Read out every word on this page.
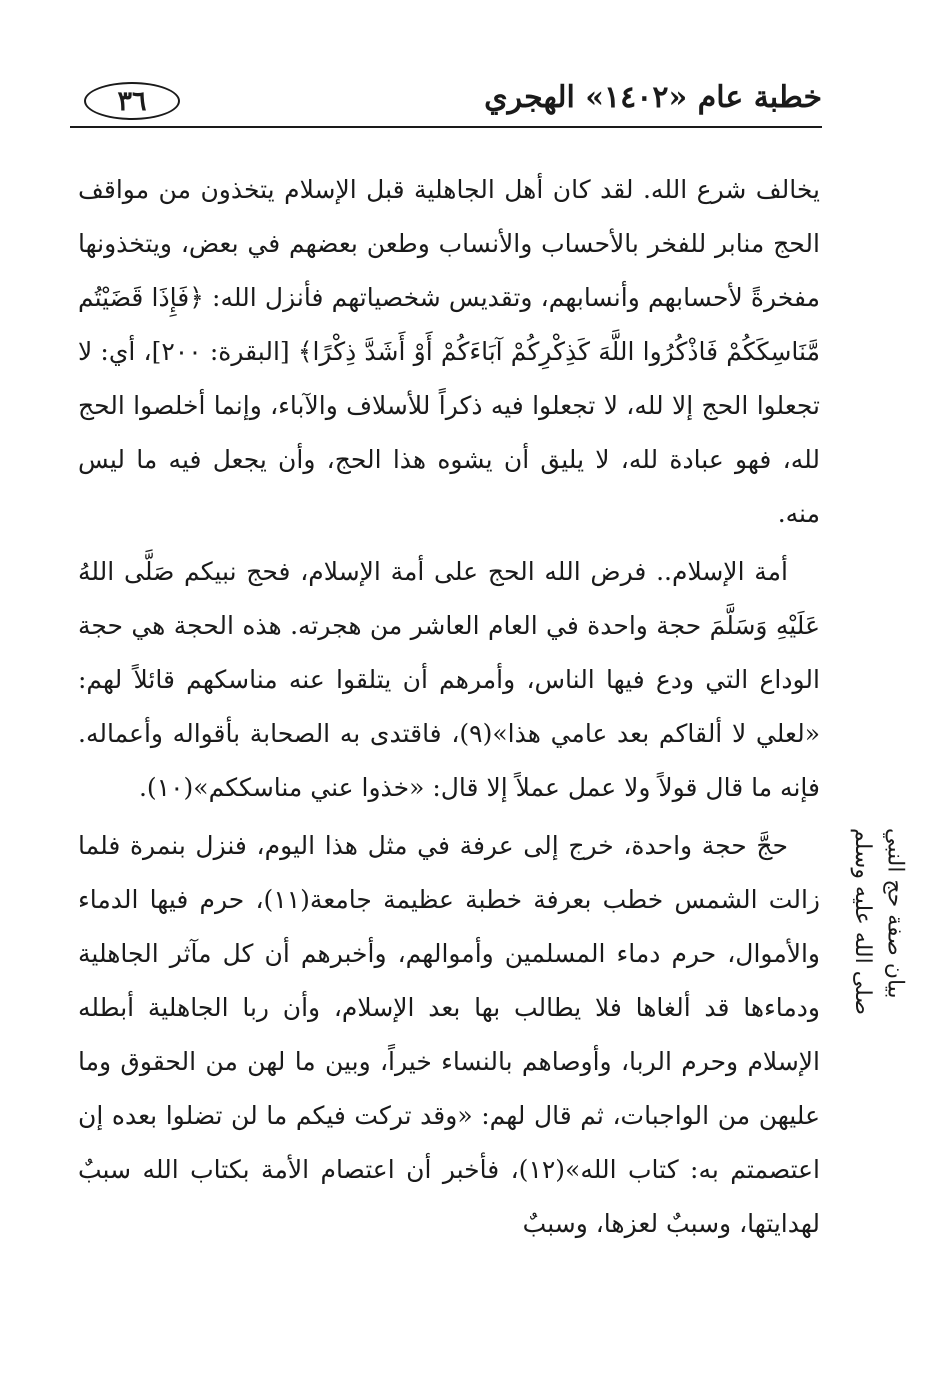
خطبة عام «١٤٠٢» الهجري
٣٦

يخالف شرع الله. لقد كان أهل الجاهلية قبل الإسلام يتخذون من مواقف الحج منابر للفخر بالأحساب والأنساب وطعن بعضهم في بعض، ويتخذونها مفخرةً لأحسابهم وأنسابهم، وتقديس شخصياتهم فأنزل الله: ﴿فَإِذَا قَضَيْتُم مَّنَاسِكَكُمْ فَاذْكُرُوا اللَّهَ كَذِكْرِكُمْ آبَاءَكُمْ أَوْ أَشَدَّ ذِكْرًا﴾ [البقرة: ٢٠٠]، أي: لا تجعلوا الحج إلا لله، لا تجعلوا فيه ذكراً للأسلاف والآباء، وإنما أخلصوا الحج لله، فهو عبادة لله، لا يليق أن يشوه هذا الحج، وأن يجعل فيه ما ليس منه.

أمة الإسلام.. فرض الله الحج على أمة الإسلام، فحج نبيكم صَلَّى اللهُ عَلَيْهِ وَسَلَّمَ حجة واحدة في العام العاشر من هجرته. هذه الحجة هي حجة الوداع التي ودع فيها الناس، وأمرهم أن يتلقوا عنه مناسكهم قائلاً لهم: «لعلي لا ألقاكم بعد عامي هذا»(٩)، فاقتدى به الصحابة بأقواله وأعماله. فإنه ما قال قولاً ولا عمل عملاً إلا قال: «خذوا عني مناسككم»(١٠).

حجَّ حجة واحدة، خرج إلى عرفة في مثل هذا اليوم، فنزل بنمرة فلما زالت الشمس خطب بعرفة خطبة عظيمة جامعة(١١)، حرم فيها الدماء والأموال، حرم دماء المسلمين وأموالهم، وأخبرهم أن كل مآثر الجاهلية ودماءها قد ألغاها فلا يطالب بها بعد الإسلام، وأن ربا الجاهلية أبطله الإسلام وحرم الربا، وأوصاهم بالنساء خيراً، وبين ما لهن من الحقوق وما عليهن من الواجبات، ثم قال لهم: «وقد تركت فيكم ما لن تضلوا بعده إن اعتصمتم به: كتاب الله»(١٢)، فأخبر أن اعتصام الأمة بكتاب الله سببٌ لهدايتها، وسببٌ لعزها، وسببٌ

بيان صفة حج النبي
صلى الله عليه وسلم
